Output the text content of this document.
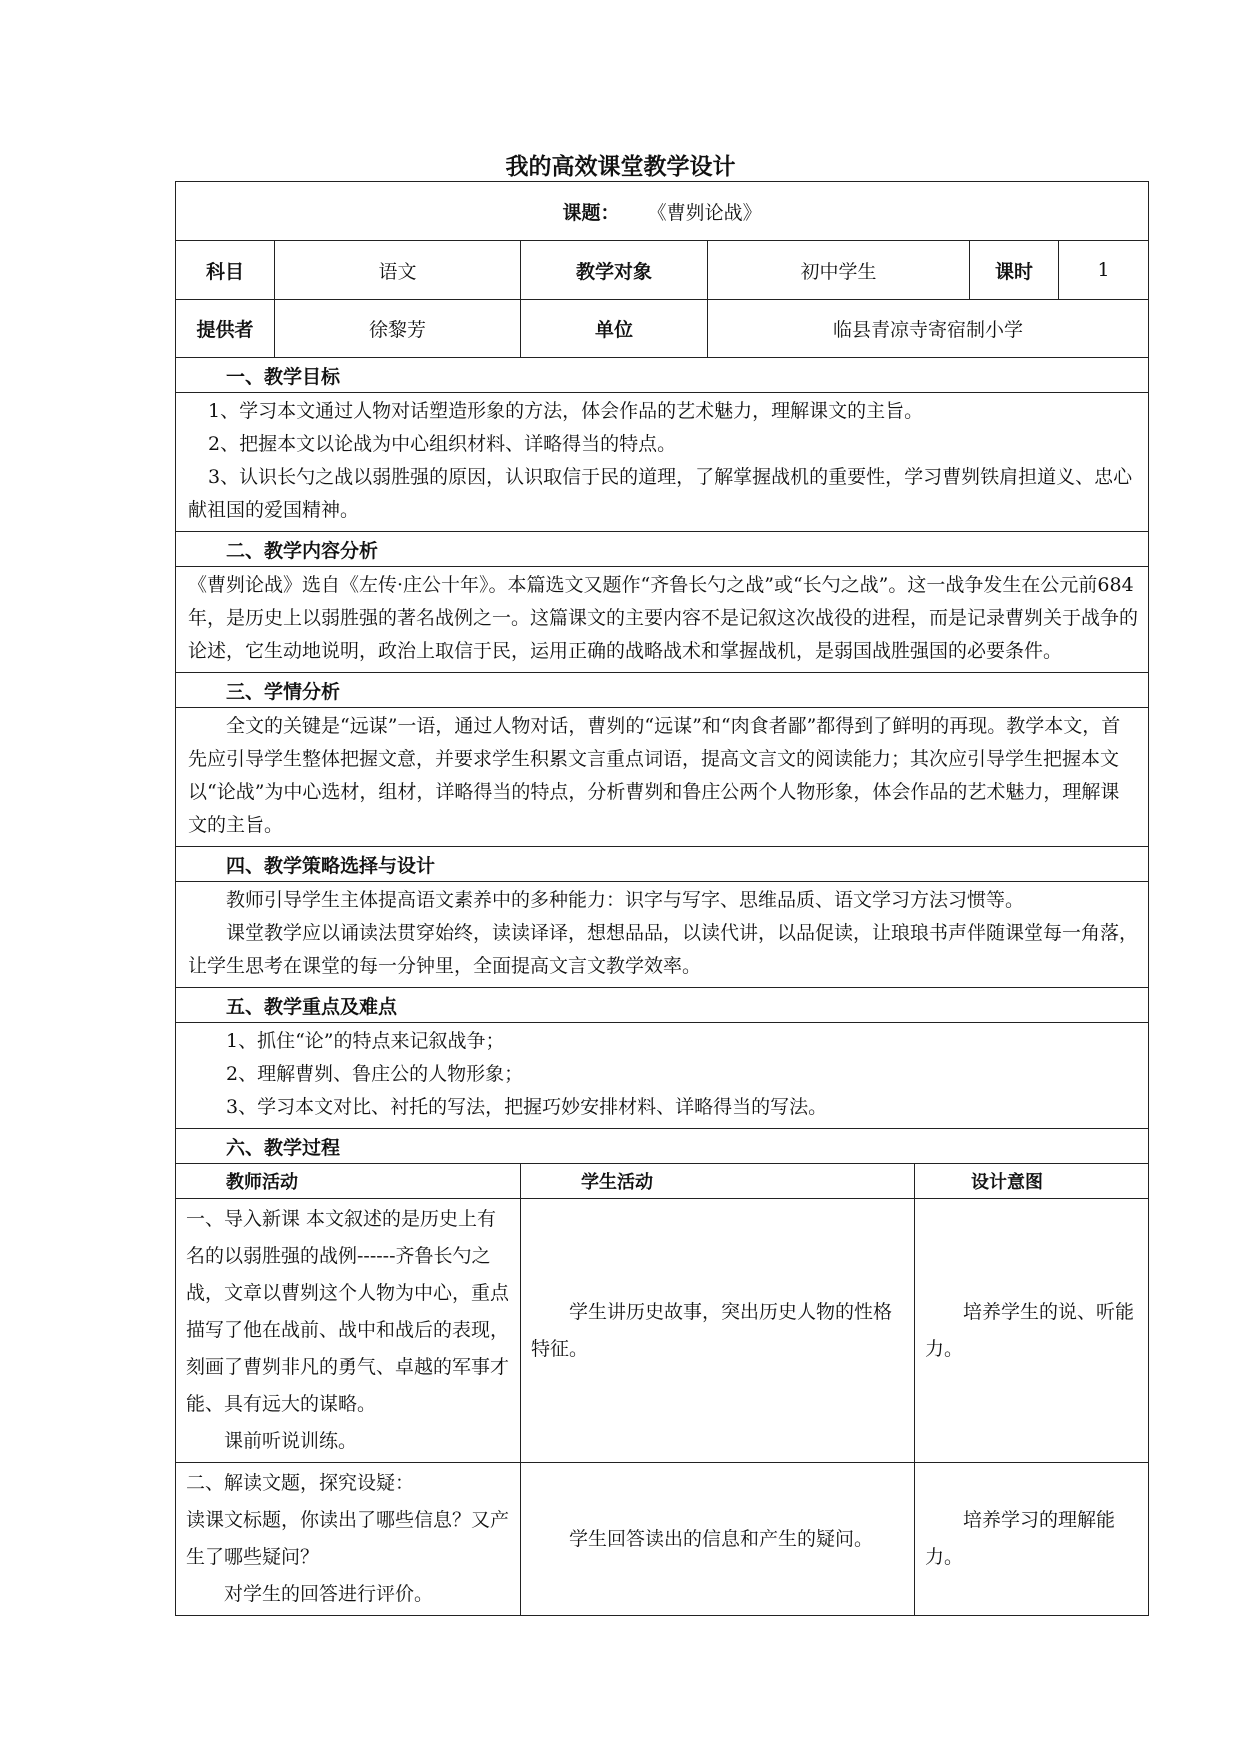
我的高效课堂教学设计
课题： 《曹刿论战》						
科目	语文	教学对象	初中学生		课时	1
提供者	徐黎芳	单位	临县青凉寺寄宿制小学			
一、教学目标						

1、学习本文通过人物对话塑造形象的方法，体会作品的艺术魅力，理解课文的主旨。
2、把握本文以论战为中心组织材料、详略得当的特点。
3、认识长勺之战以弱胜强的原因，认识取信于民的道理，了解掌握战机的重要性，学习曹刿铁肩担道义、忠心献祖国的爱国精神。						

二、教学内容分析						

《曹刿论战》选自《左传·庄公十年》。本篇选文又题作“齐鲁长勺之战”或“长勺之战”。这一战争发生在公元前684年，是历史上以弱胜强的著名战例之一。这篇课文的主要内容不是记叙这次战役的进程，而是记录曹刿关于战争的论述，它生动地说明，政治上取信于民，运用正确的战略战术和掌握战机，是弱国战胜强国的必要条件。						

三、学情分析						

全文的关键是“远谋”一语，通过人物对话，曹刿的“远谋”和“肉食者鄙”都得到了鲜明的再现。教学本文，首先应引导学生整体把握文意，并要求学生积累文言重点词语，提高文言文的阅读能力；其次应引导学生把握本文以“论战”为中心选材，组材，详略得当的特点，分析曹刿和鲁庄公两个人物形象，体会作品的艺术魅力，理解课文的主旨。						

四、教学策略选择与设计						

教师引导学生主体提高语文素养中的多种能力：识字与写字、思维品质、语文学习方法习惯等。
课堂教学应以诵读法贯穿始终，读读译译，想想品品，以读代讲，以品促读，让琅琅书声伴随课堂每一角落，让学生思考在课堂的每一分钟里，全面提高文言文教学效率。						

五、教学重点及难点						

1、抓住“论”的特点来记叙战争；
2、理解曹刿、鲁庄公的人物形象；
3、学习本文对比、衬托的写法，把握巧妙安排材料、详略得当的写法。						

六、教学过程						
教师活动		学生活动		设计意图		

一、导入新课 本文叙述的是历史上有名的以弱胜强的战例------齐鲁长勺之战，文章以曹刿这个人物为中心，重点描写了他在战前、战中和战后的表现，刻画了曹刿非凡的勇气、卓越的军事才能、具有远大的谋略。
课前听说训练。		学生讲历史故事，突出历史人物的性格特征。		培养学生的说、听能力。		

二、解读文题，探究设疑：
读课文标题，你读出了哪些信息？又产生了哪些疑问？
对学生的回答进行评价。		学生回答读出的信息和产生的疑问。		培养学习的理解能力。		
